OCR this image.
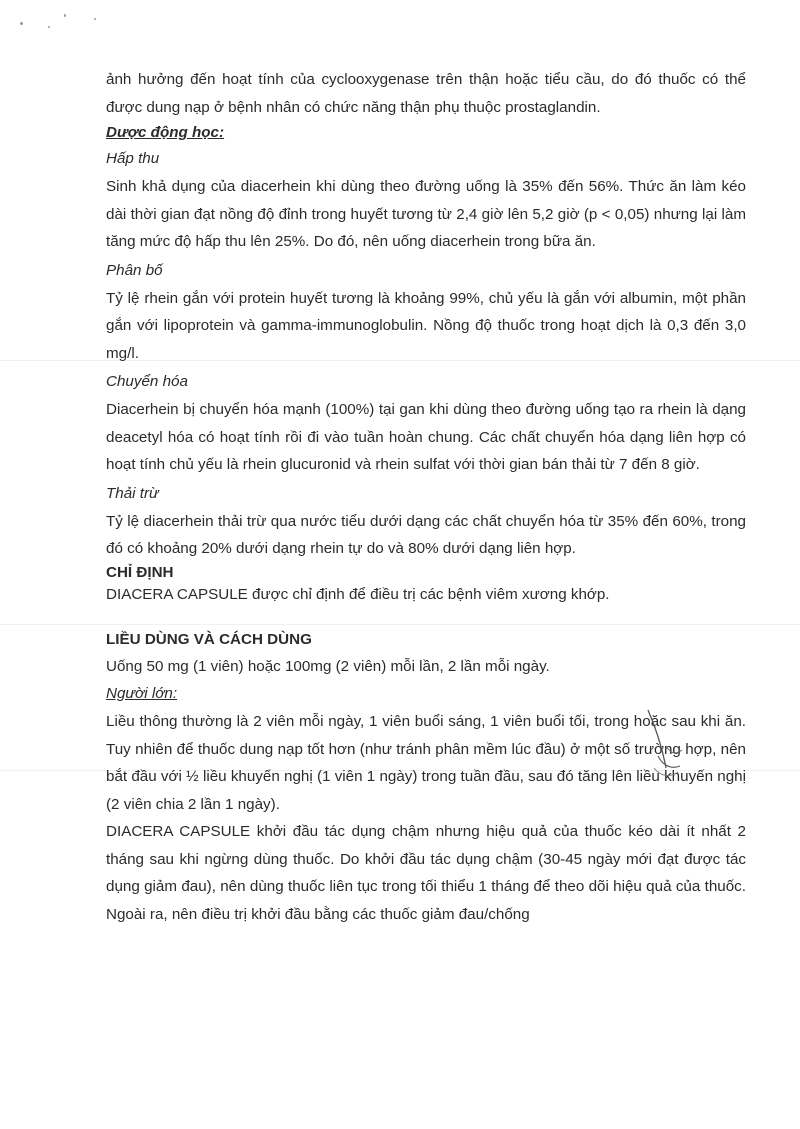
ảnh hưởng đến hoạt tính của cyclooxygenase trên thận hoặc tiểu cầu, do đó thuốc có thể được dung nạp ở bệnh nhân có chức năng thận phụ thuộc prostaglandin.

Dược động học:

Hấp thu

Sinh khả dụng của diacerhein khi dùng theo đường uống là 35% đến 56%. Thức ăn làm kéo dài thời gian đạt nồng độ đỉnh trong huyết tương từ 2,4 giờ lên 5,2 giờ (p < 0,05) nhưng lại làm tăng mức độ hấp thu lên 25%. Do đó, nên uống diacerhein trong bữa ăn.

Phân bố

Tỷ lệ rhein gắn với protein huyết tương là khoảng 99%, chủ yếu là gắn với albumin, một phần gắn với lipoprotein và gamma-immunoglobulin. Nồng độ thuốc trong hoạt dịch là 0,3 đến 3,0 mg/l.

Chuyển hóa

Diacerhein bị chuyển hóa mạnh (100%) tại gan khi dùng theo đường uống tạo ra rhein là dạng deacetyl hóa có hoạt tính rồi đi vào tuần hoàn chung. Các chất chuyển hóa dạng liên hợp có hoạt tính chủ yếu là rhein glucuronid và rhein sulfat với thời gian bán thải từ 7 đến 8 giờ.

Thải trừ

Tỷ lệ diacerhein thải trừ qua nước tiểu dưới dạng các chất chuyển hóa từ 35% đến 60%, trong đó có khoảng 20% dưới dạng rhein tự do và 80% dưới dạng liên hợp.

CHỈ ĐỊNH

DIACERA CAPSULE được chỉ định để điều trị các bệnh viêm xương khớp.

LIỀU DÙNG VÀ CÁCH DÙNG

Uống 50 mg (1 viên) hoặc 100mg (2 viên) mỗi lần, 2 lần mỗi ngày.

Người lớn:

Liều thông thường là 2 viên mỗi ngày, 1 viên buổi sáng, 1 viên buổi tối, trong hoặc sau khi ăn. Tuy nhiên để thuốc dung nạp tốt hơn (như tránh phân mềm lúc đầu) ở một số trường hợp, nên bắt đầu với ½ liều khuyến nghị (1 viên 1 ngày) trong tuần đầu, sau đó tăng lên liều khuyến nghị (2 viên chia 2 lần 1 ngày).

DIACERA CAPSULE khởi đầu tác dụng chậm nhưng hiệu quả của thuốc kéo dài ít nhất 2 tháng sau khi ngừng dùng thuốc. Do khởi đầu tác dụng chậm (30-45 ngày mới đạt được tác dụng giảm đau), nên dùng thuốc liên tục trong tối thiểu 1 tháng để theo dõi hiệu quả của thuốc. Ngoài ra, nên điều trị khởi đầu bằng các thuốc giảm đau/chống
